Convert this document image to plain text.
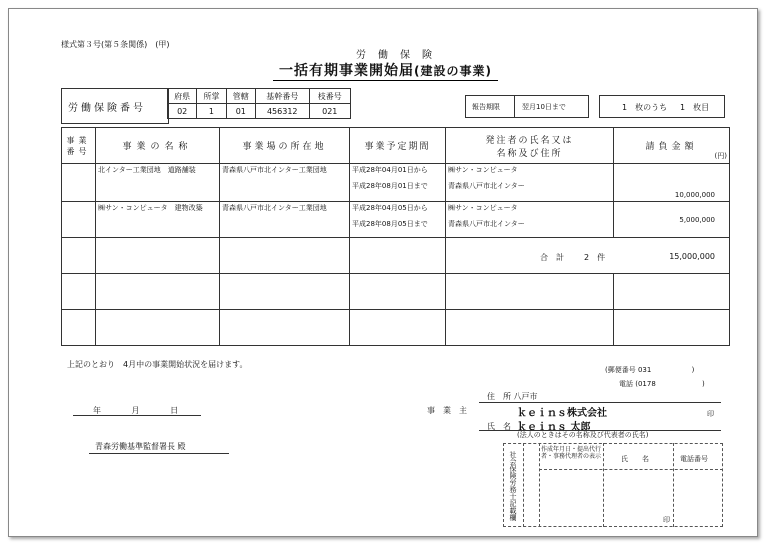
様式第３号(第５条関係)　(甲)
労　働　保　険
一括有期事業開始届(建設の事業)
労働保険番号
府県	所掌	管轄	基幹番号	枝番号
02	1	01	456312	021	報告期限	翌月10日まで	1　枚のうち 1　枚目
事業
番号	事業の名称	事業場の所在地	事業予定期間	発注者の氏名又は
名称及び住所	請負金額
(円)

	北インター工業団地　道路舗装	青森県八戸市北インター工業団地	平成28年04月01日から
平成28年08月01日まで	㈱サン・コンピュータ
青森県八戸市北インター	10,000,000

	㈱サン・コンピュータ　建物改築	青森県八戸市北インター工業団地	平成28年04月05日から
平成28年08月05日まで	㈱サン・コンピュータ
青森県八戸市北インター	5,000,000

				合　計 2　件 15,000,000	

上記のとおり　4月中の事業開始状況を届けます。
(郵便番号 031	)
電話 (0178	)
年	月	日
青森労働基準監督署長 殿
事　業　主
住　所 八戸市
ｋｅｉｎｓ株式会社
氏　名 ｋｅｉｎｓ 太郎
印
(法人のときはその名称及び代表者の氏名)
社会保険労務士記載欄
作成年月日・提出代行者・事務代理者の表示	氏　　名	電話番号
印
